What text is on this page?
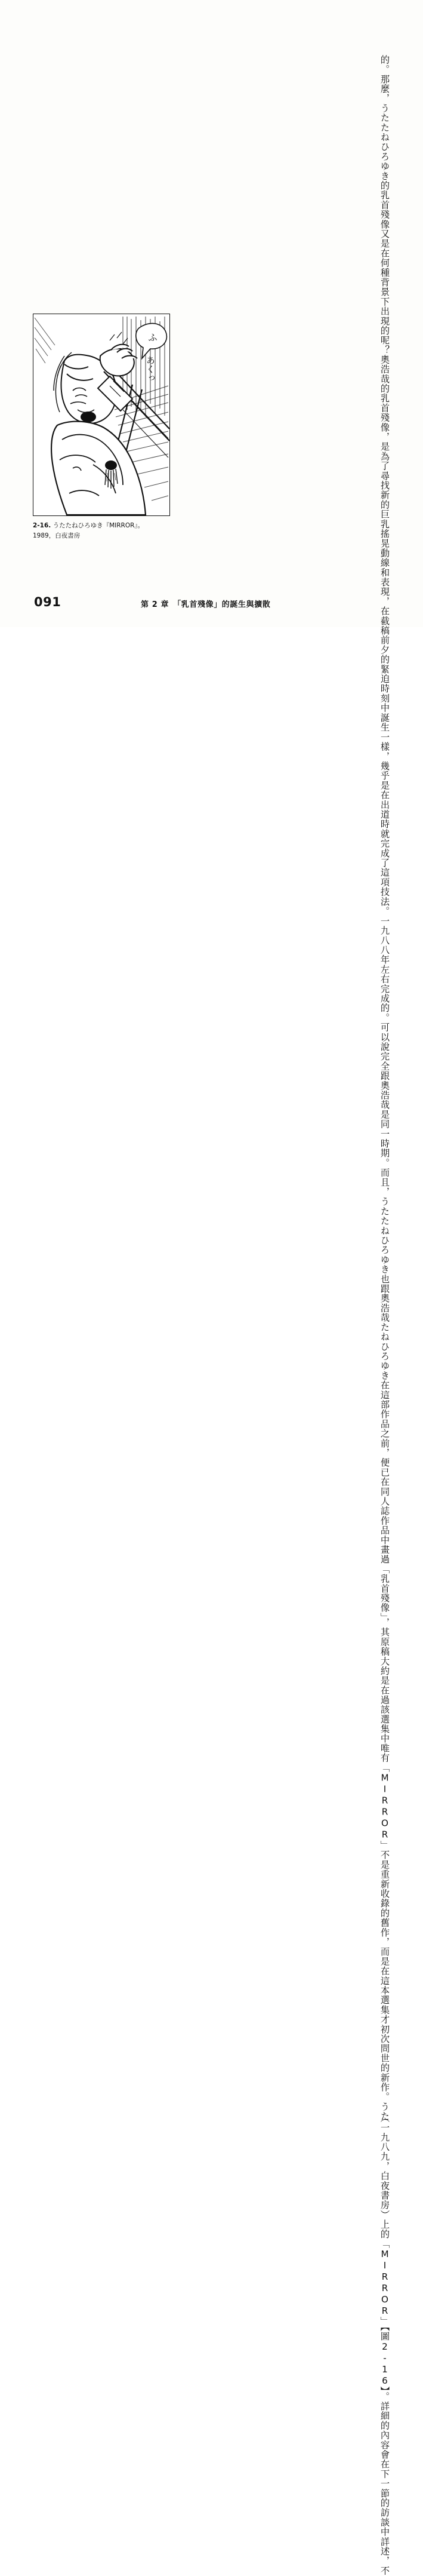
的。那麼，うたたねひろゆき的乳首殘像又是在何種背景下出現的呢？
奧浩哉的乳首殘像，是為了尋找新的巨乳搖晃動線和表現，在截稿前夕的緊迫時刻中誕生
一樣，幾乎是在出道時就完成了這項技法。
一九八八年左右完成的。可以說完全跟奧浩哉是同一時期。而且，うたたねひろゆき也跟奧浩哉
たねひろゆき在這部作品之前，便已在同人誌作品中畫過「乳首殘像」，其原稿大約是在
過該選集中唯有「MIRROR」不是重新收錄的舊作，而是在這本選集才初次問世的新作。うた
（一九八九，白夜書房）上的「MIRROR」【圖2-16】。詳細的內容會在下一節的訪談中詳述，不
ふ
あくっ
2-16. うたたねひろゆき『MIRROR』。
1989，白夜書房
091	第 2 章　「乳首殘像」的誕生與擴散
